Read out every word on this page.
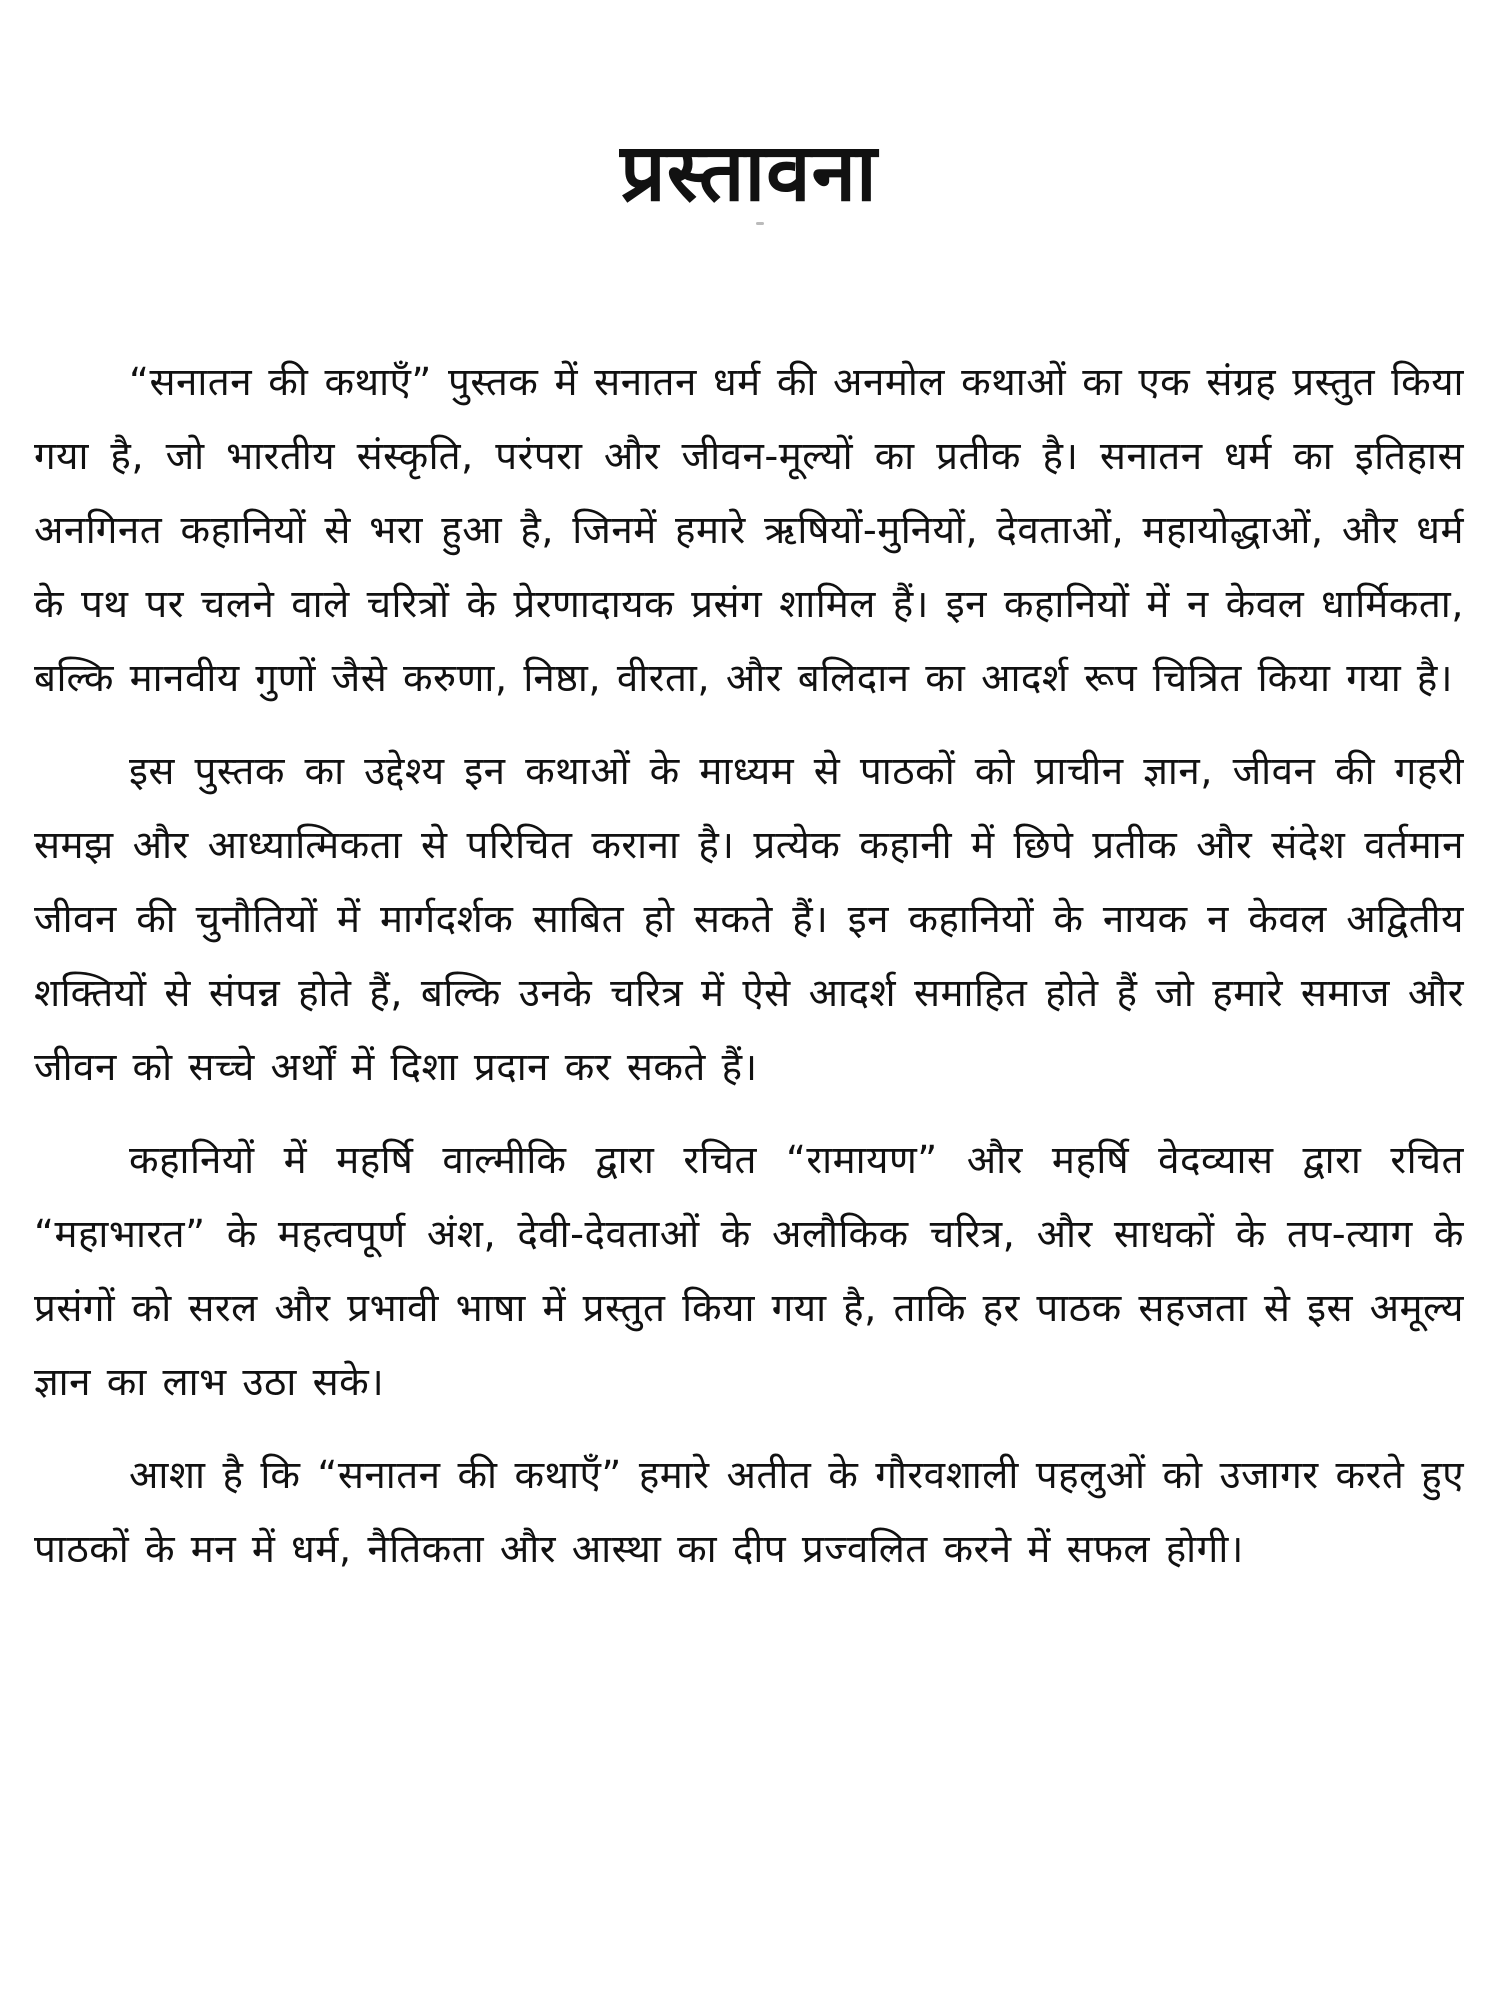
प्रस्तावना

“सनातन की कथाएँ” पुस्तक में सनातन धर्म की अनमोल कथाओं का एक संग्रह प्रस्तुत किया गया है, जो भारतीय संस्कृति, परंपरा और जीवन-मूल्यों का प्रतीक है। सनातन धर्म का इतिहास अनगिनत कहानियों से भरा हुआ है, जिनमें हमारे ऋषियों-मुनियों, देवताओं, महायोद्धाओं, और धर्म के पथ पर चलने वाले चरित्रों के प्रेरणादायक प्रसंग शामिल हैं। इन कहानियों में न केवल धार्मिकता, बल्कि मानवीय गुणों जैसे करुणा, निष्ठा, वीरता, और बलिदान का आदर्श रूप चित्रित किया गया है।

इस पुस्तक का उद्देश्य इन कथाओं के माध्यम से पाठकों को प्राचीन ज्ञान, जीवन की गहरी समझ और आध्यात्मिकता से परिचित कराना है। प्रत्येक कहानी में छिपे प्रतीक और संदेश वर्तमान जीवन की चुनौतियों में मार्गदर्शक साबित हो सकते हैं। इन कहानियों के नायक न केवल अद्वितीय शक्तियों से संपन्न होते हैं, बल्कि उनके चरित्र में ऐसे आदर्श समाहित होते हैं जो हमारे समाज और जीवन को सच्चे अर्थों में दिशा प्रदान कर सकते हैं।

कहानियों में महर्षि वाल्मीकि द्वारा रचित “रामायण” और महर्षि वेदव्यास द्वारा रचित “महाभारत” के महत्वपूर्ण अंश, देवी-देवताओं के अलौकिक चरित्र, और साधकों के तप-त्याग के प्रसंगों को सरल और प्रभावी भाषा में प्रस्तुत किया गया है, ताकि हर पाठक सहजता से इस अमूल्य ज्ञान का लाभ उठा सके।

आशा है कि “सनातन की कथाएँ” हमारे अतीत के गौरवशाली पहलुओं को उजागर करते हुए पाठकों के मन में धर्म, नैतिकता और आस्था का दीप प्रज्वलित करने में सफल होगी।
